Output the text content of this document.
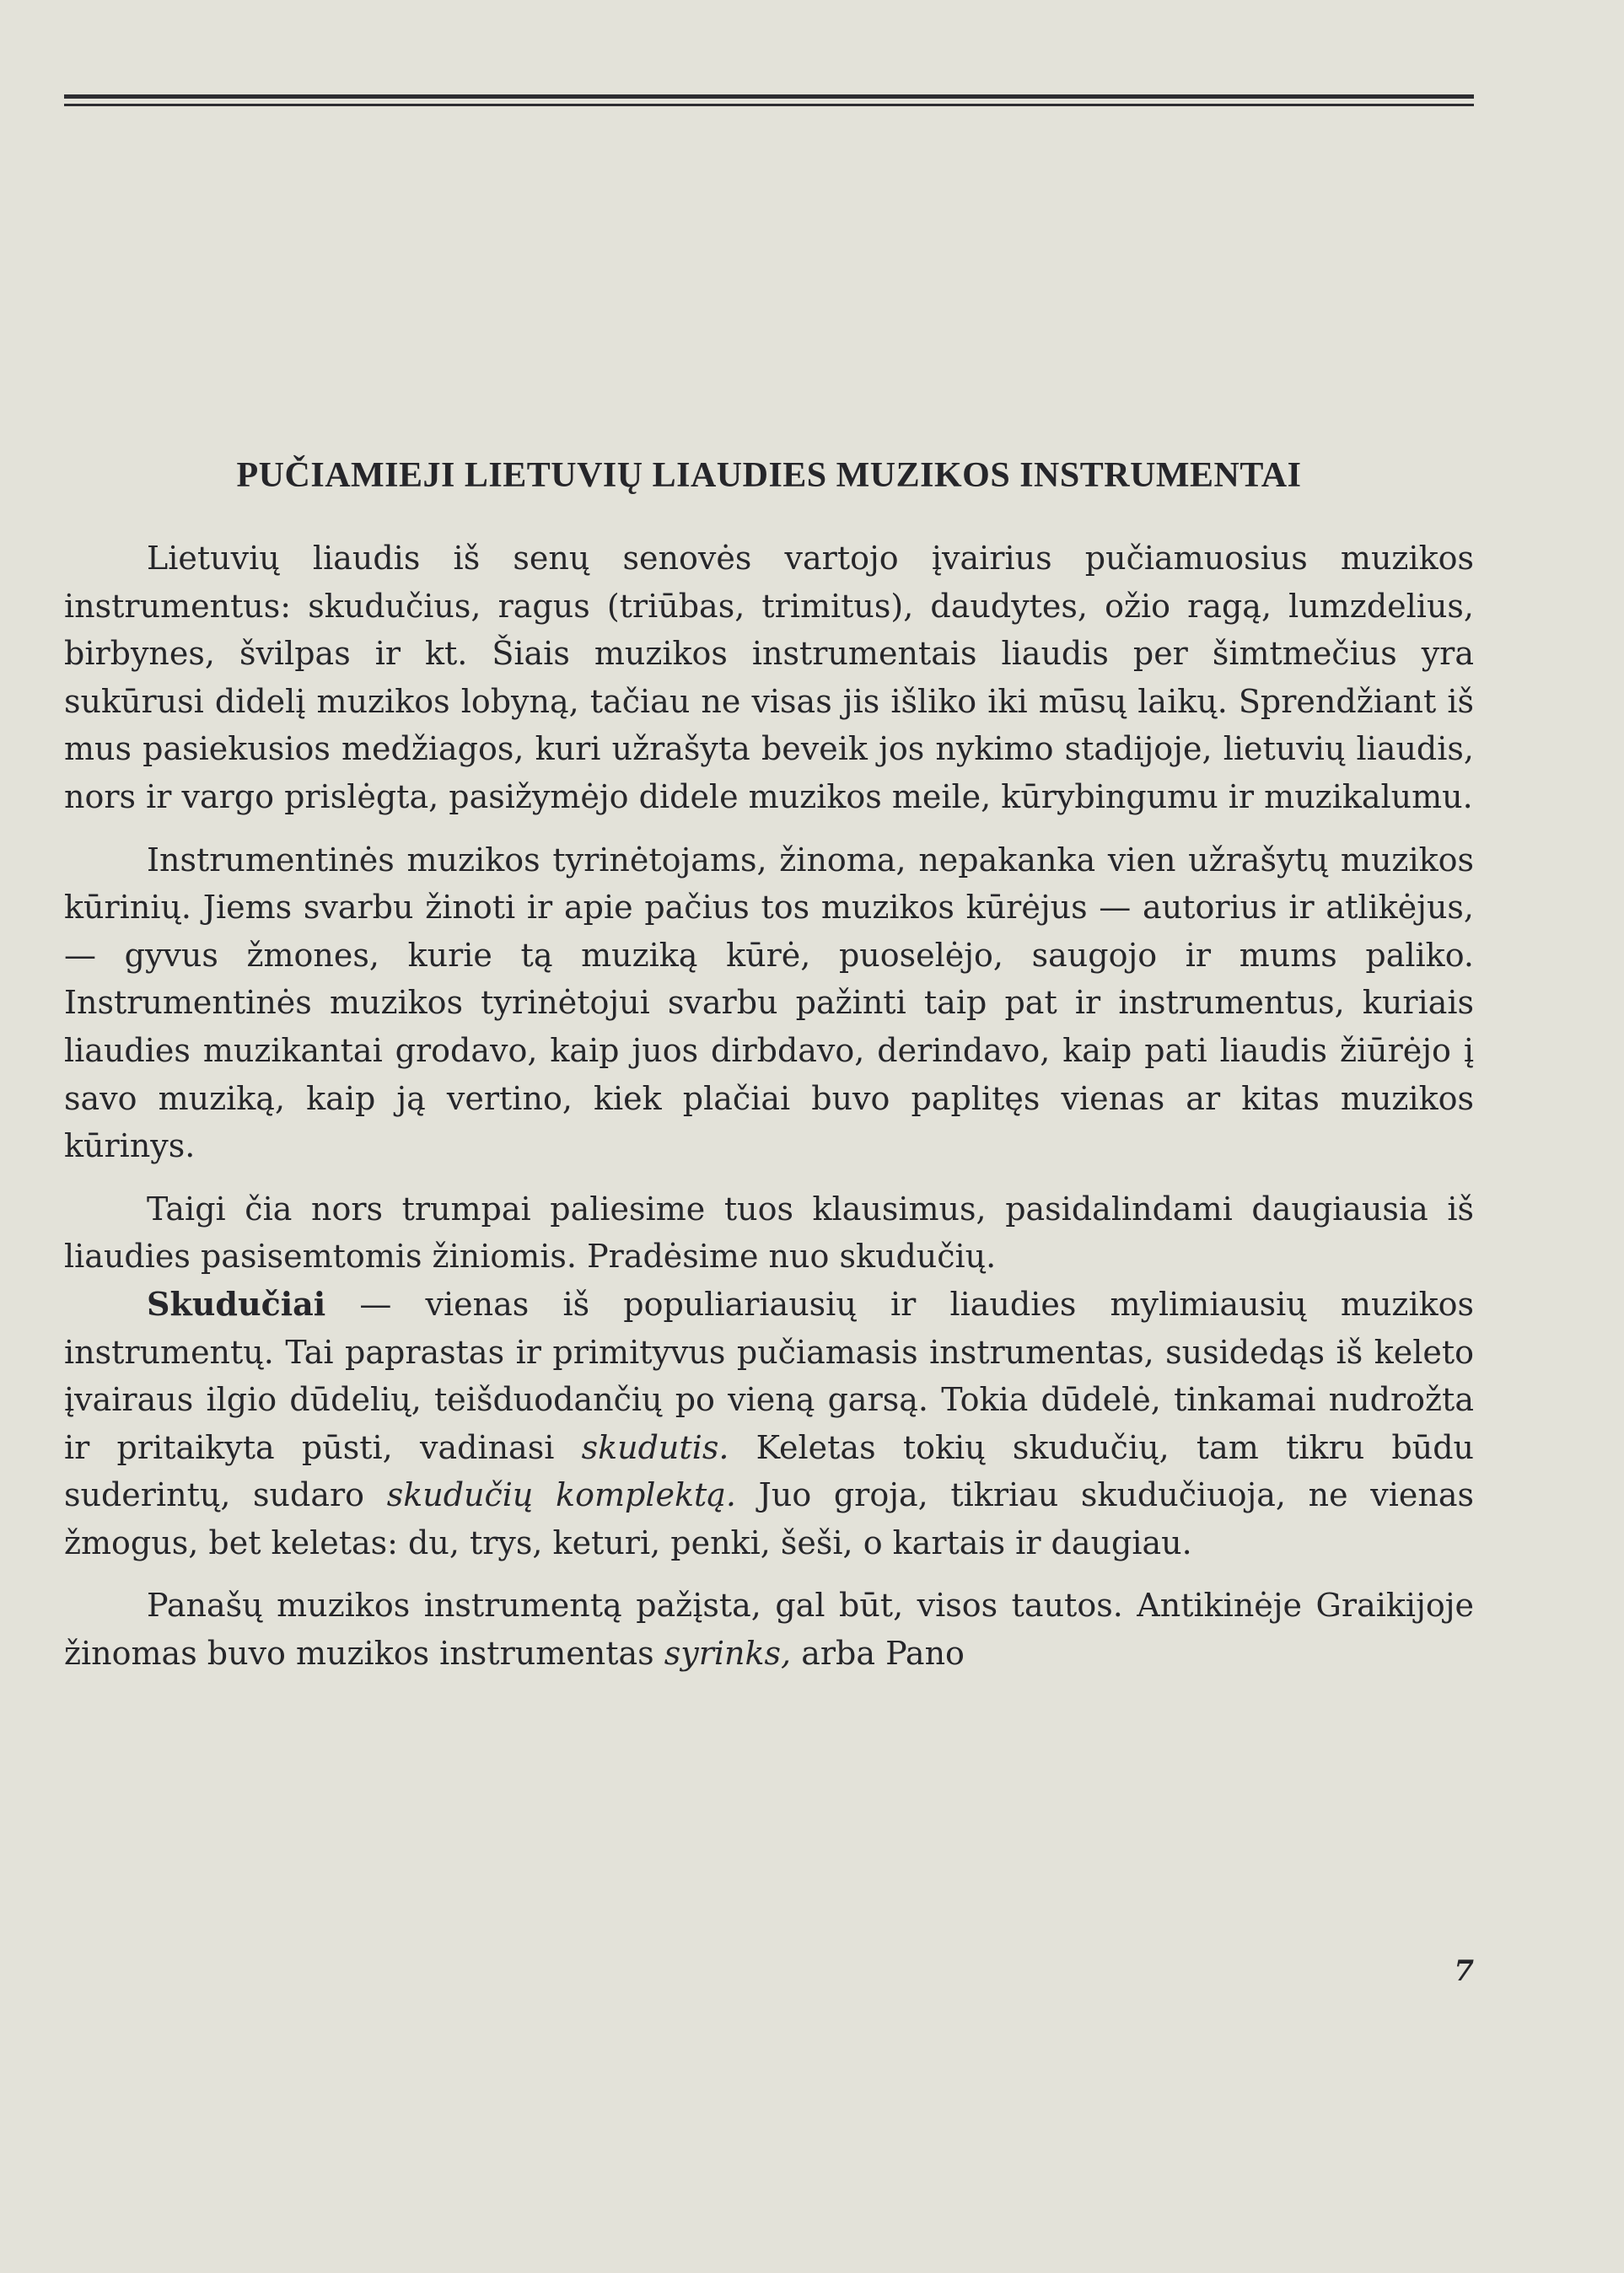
PUČIAMIEJI LIETUVIŲ LIAUDIES MUZIKOS INSTRUMENTAI

Lietuvių liaudis iš senų senovės vartojo įvairius pučiamuosius muzikos instrumentus: skudučius, ragus (triūbas, trimitus), daudytes, ožio ragą, lumzdelius, birbynes, švilpas ir kt. Šiais muzikos instrumentais liaudis per šimtmečius yra sukūrusi didelį muzikos lobyną, tačiau ne visas jis išliko iki mūsų laikų. Sprendžiant iš mus pasiekusios medžiagos, kuri užrašyta beveik jos nykimo stadijoje, lietuvių liaudis, nors ir vargo prislėgta, pasižymėjo didele muzikos meile, kūrybingumu ir muzikalumu.

Instrumentinės muzikos tyrinėtojams, žinoma, nepakanka vien užrašytų muzikos kūrinių. Jiems svarbu žinoti ir apie pačius tos muzikos kūrėjus — autorius ir atlikėjus,— gyvus žmones, kurie tą muziką kūrė, puoselėjo, saugojo ir mums paliko. Instrumentinės muzikos tyrinėtojui svarbu pažinti taip pat ir instrumentus, kuriais liaudies muzikantai grodavo, kaip juos dirbdavo, derindavo, kaip pati liaudis žiūrėjo į savo muziką, kaip ją vertino, kiek plačiai buvo paplitęs vienas ar kitas muzikos kūrinys.

Taigi čia nors trumpai paliesime tuos klausimus, pasidalindami daugiausia iš liaudies pasisemtomis žiniomis. Pradėsime nuo skudučių.

Skudučiai — vienas iš populiariausių ir liaudies mylimiausių muzikos instrumentų. Tai paprastas ir primityvus pučiamasis instrumentas, susidedąs iš keleto įvairaus ilgio dūdelių, teišduodančių po vieną garsą. Tokia dūdelė, tinkamai nudrožta ir pritaikyta pūsti, vadinasi skudutis. Keletas tokių skudučių, tam tikru būdu suderintų, sudaro skudučių komplektą. Juo groja, tikriau skudučiuoja, ne vienas žmogus, bet keletas: du, trys, keturi, penki, šeši, o kartais ir daugiau.

Panašų muzikos instrumentą pažįsta, gal būt, visos tautos. Antikinėje Graikijoje žinomas buvo muzikos instrumentas syrinks, arba Pano

7
